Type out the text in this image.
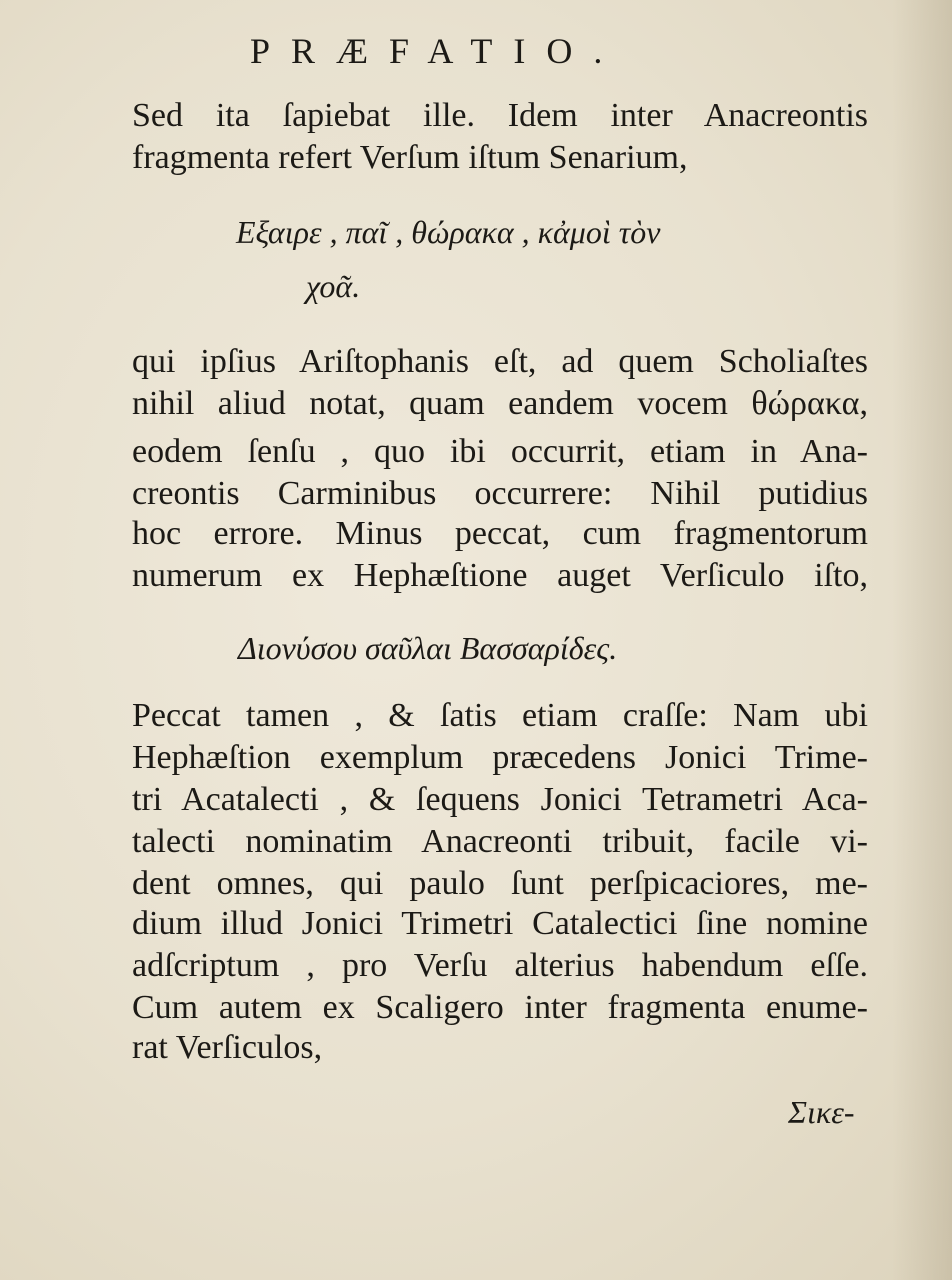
PRÆFATIO.
Sed ita ſapiebat ille. Idem inter Anacreontis
fragmenta refert Verſum iſtum Senarium,
Εξαιρε , παῖ , θώρακα , κἀμοὶ τὸν
χοᾶ.
qui ipſius Ariſtophanis eſt, ad quem Scholiaſtes
nihil aliud notat, quam eandem vocem θώρακα,
eodem ſenſu , quo ibi occurrit, etiam in Ana-
creontis Carminibus occurrere: Nihil putidius
hoc errore. Minus peccat, cum fragmentorum
numerum ex Hephæſtione auget Verſiculo iſto,
Διονύσου σαῦλαι Βασσαρίδες.
Peccat tamen , & ſatis etiam craſſe: Nam ubi
Hephæſtion exemplum præcedens Jonici Trime-
tri Acatalecti , & ſequens Jonici Tetrametri Aca-
talecti nominatim Anacreonti tribuit, facile vi-
dent omnes, qui paulo ſunt perſpicaciores, me-
dium illud Jonici Trimetri Catalectici ſine nomine
adſcriptum , pro Verſu alterius habendum eſſe.
Cum autem ex Scaligero inter fragmenta enume-
rat Verſiculos,
Σικε-
